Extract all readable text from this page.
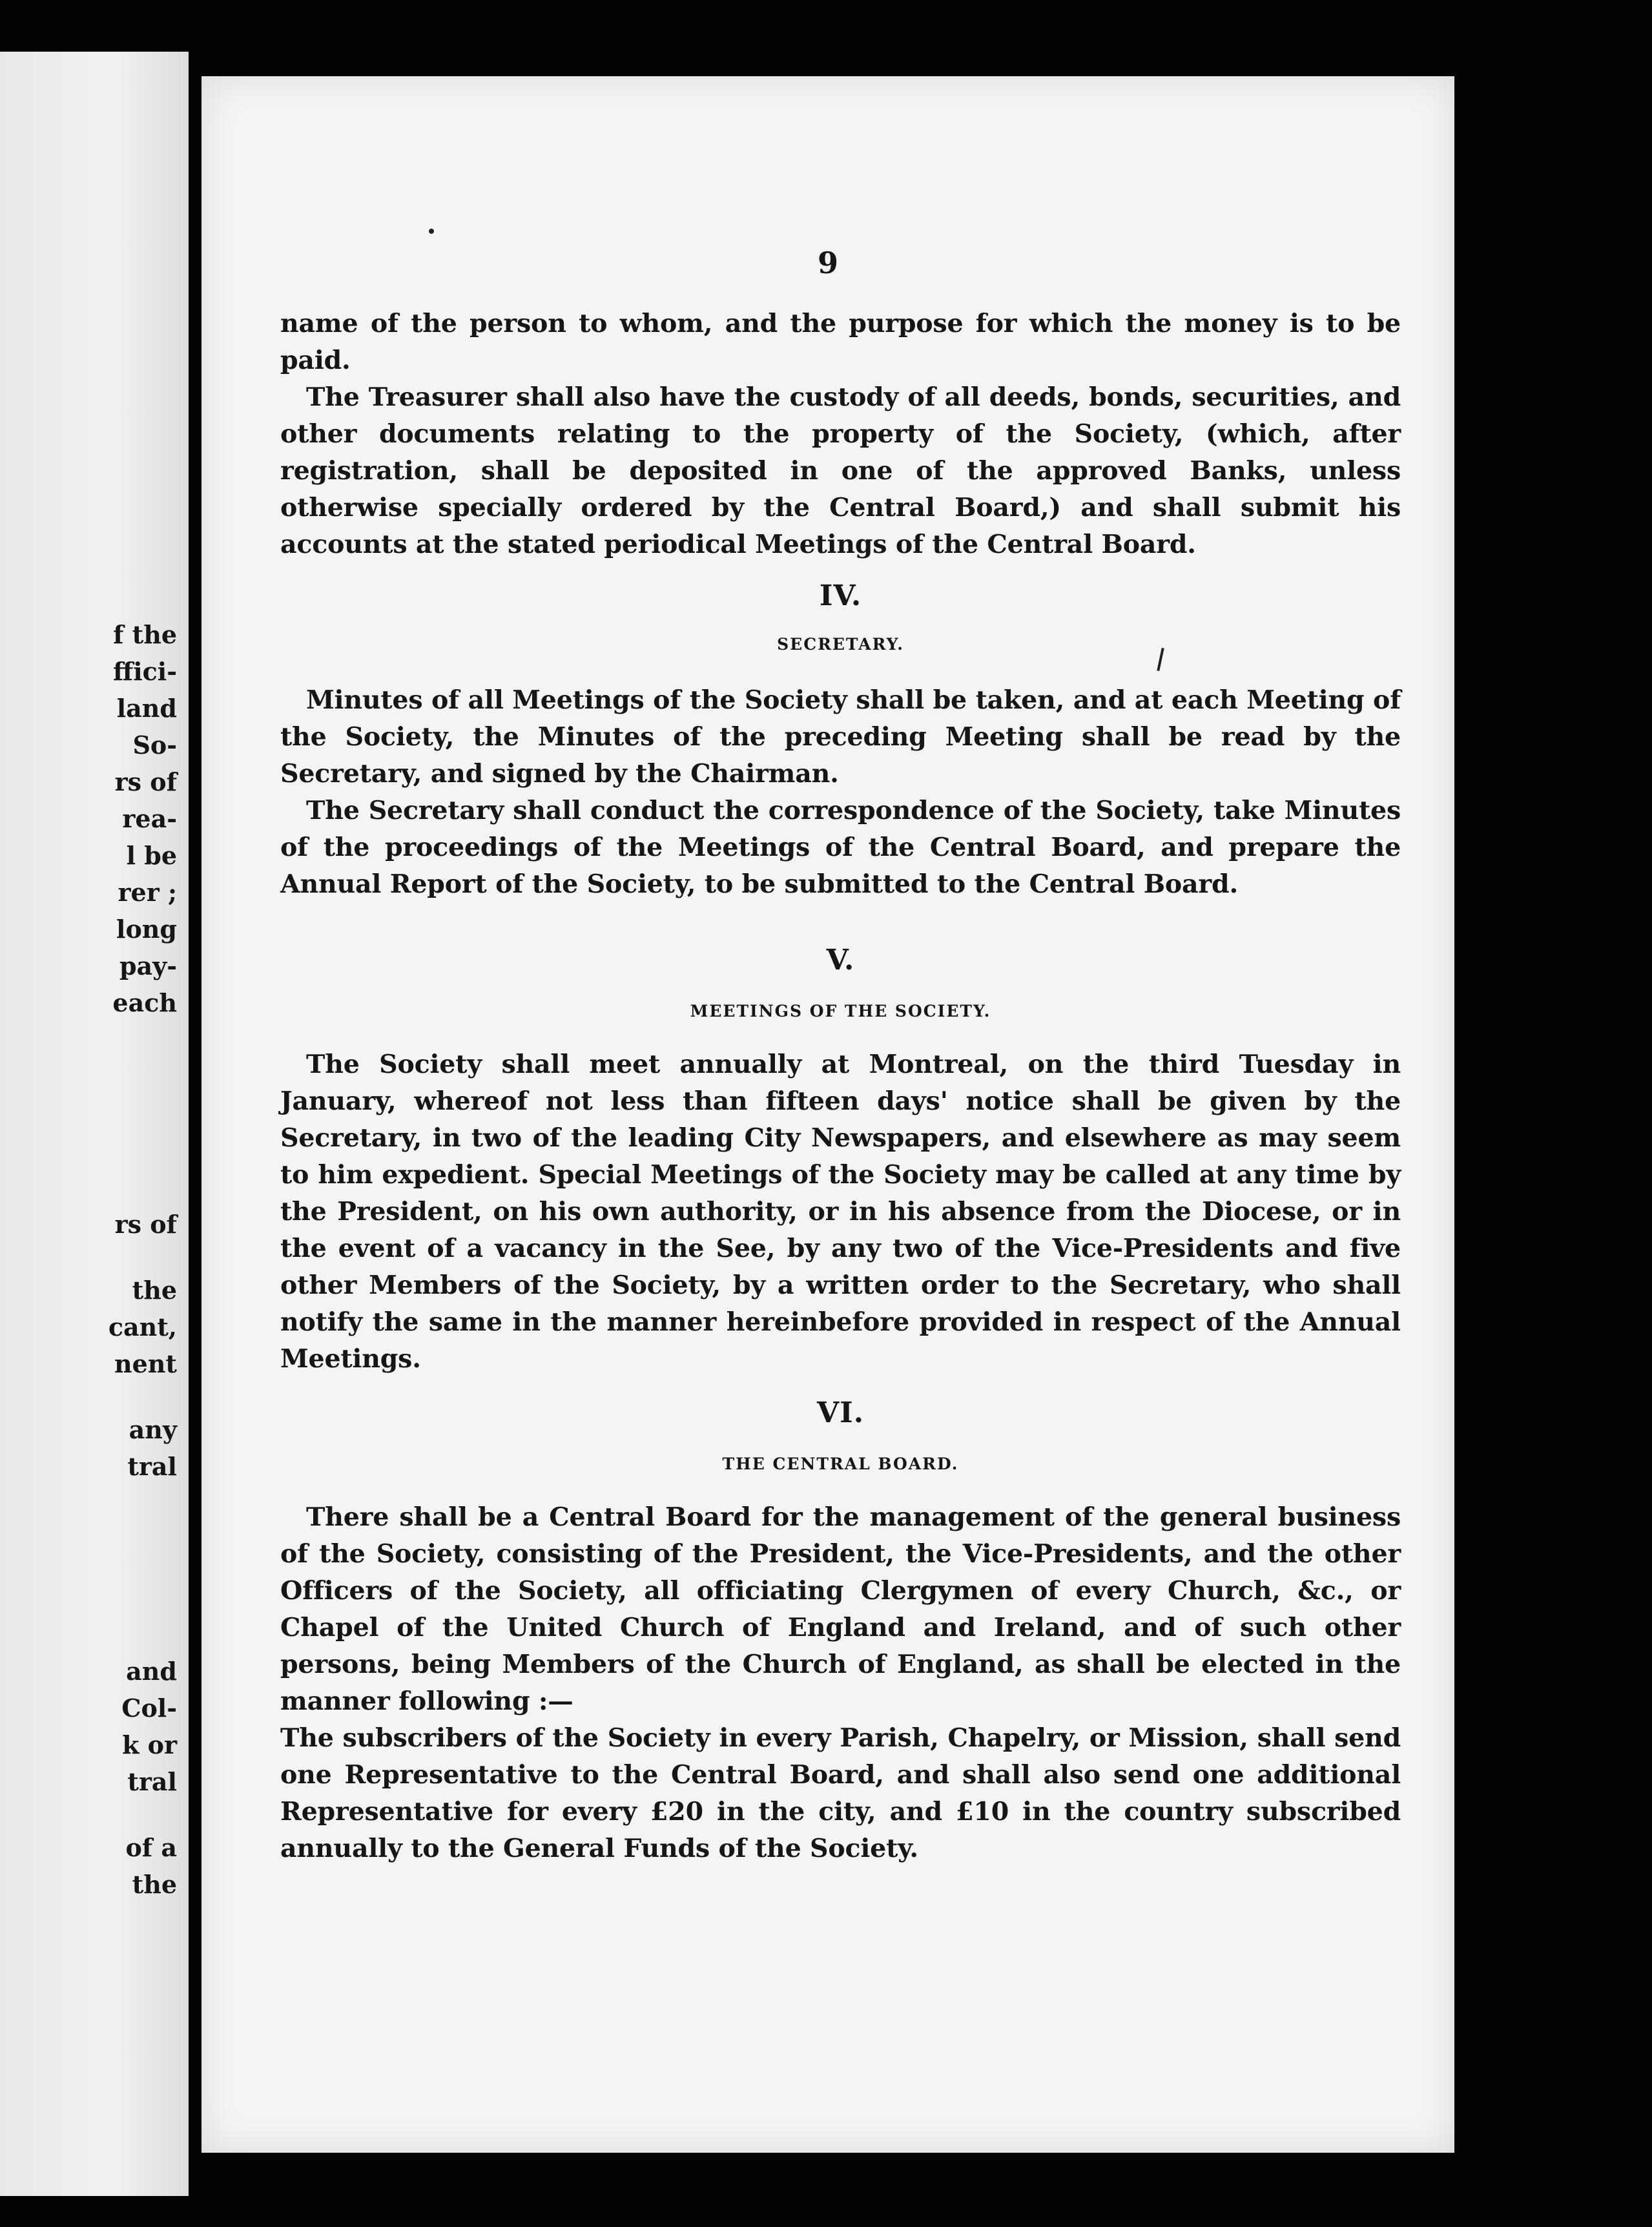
f the
ffici-
land
So-
rs of
rea-
l be
rer ;
long
pay-
each
rs of
the
cant,
nent
any
tral
and
Col-
k or
tral
of a
the
9

name of the person to whom, and the purpose for which the money is to be paid.

The Treasurer shall also have the custody of all deeds, bonds, securities, and other documents relating to the property of the Society, (which, after registration, shall be deposited in one of the approved Banks, unless otherwise specially ordered by the Central Board,) and shall submit his accounts at the stated periodical Meetings of the Central Board.

IV.

SECRETARY.

Minutes of all Meetings of the Society shall be taken, and at each Meeting of the Society, the Minutes of the preceding Meeting shall be read by the Secretary, and signed by the Chairman.

The Secretary shall conduct the correspondence of the Society, take Minutes of the proceedings of the Meetings of the Central Board, and prepare the Annual Report of the Society, to be submitted to the Central Board.

V.

MEETINGS OF THE SOCIETY.

The Society shall meet annually at Montreal, on the third Tuesday in January, whereof not less than fifteen days' notice shall be given by the Secretary, in two of the leading City Newspapers, and elsewhere as may seem to him expedient. Special Meetings of the Society may be called at any time by the President, on his own authority, or in his absence from the Diocese, or in the event of a vacancy in the See, by any two of the Vice-Presidents and five other Members of the Society, by a written order to the Secretary, who shall notify the same in the manner hereinbefore provided in respect of the Annual Meetings.

VI.

THE CENTRAL BOARD.

There shall be a Central Board for the management of the general business of the Society, consisting of the President, the Vice-Presidents, and the other Officers of the Society, all officiating Clergymen of every Church, &c., or Chapel of the United Church of England and Ireland, and of such other persons, being Members of the Church of England, as shall be elected in the manner following :—

The subscribers of the Society in every Parish, Chapelry, or Mission, shall send one Representative to the Central Board, and shall also send one additional Representative for every £20 in the city, and £10 in the country subscribed annually to the General Funds of the Society.
